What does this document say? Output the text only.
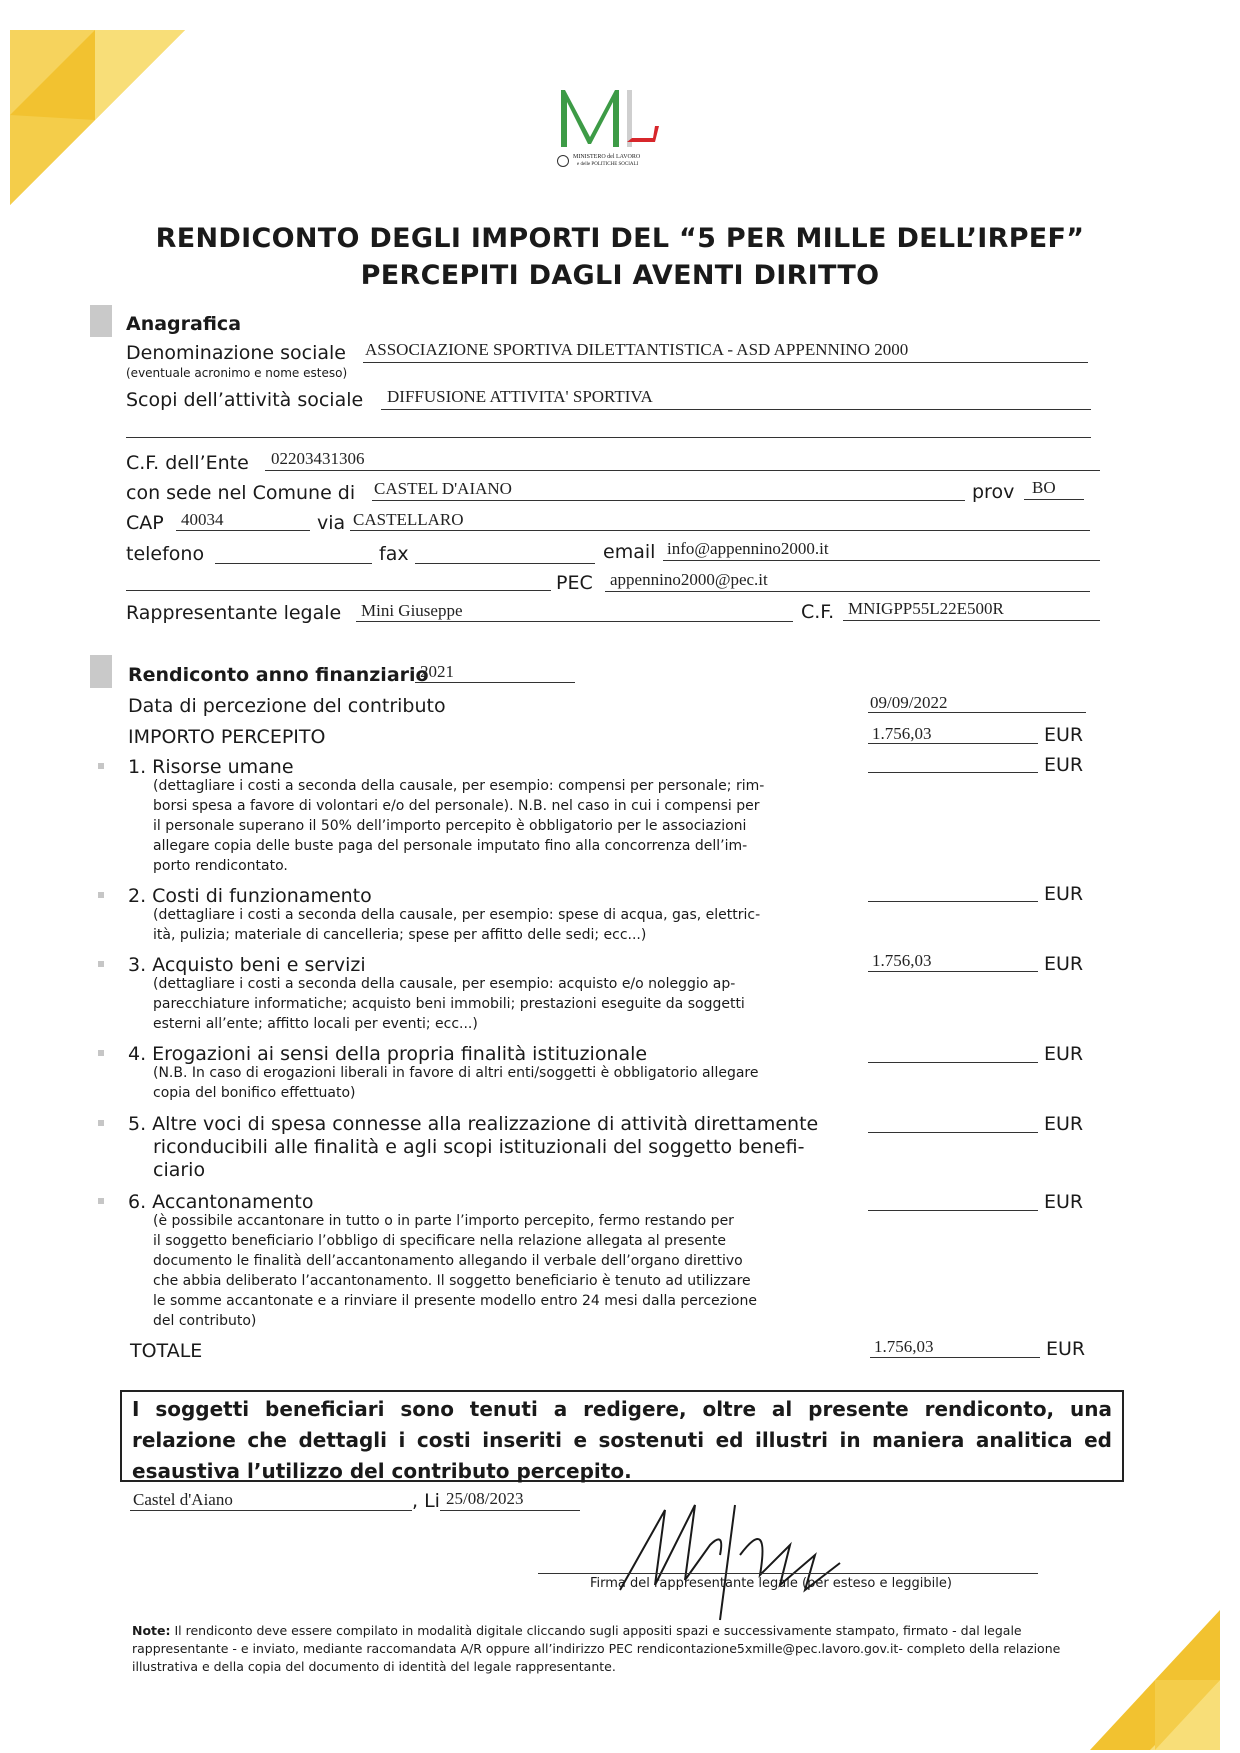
MINISTERO del LAVORO
e delle POLITICHE SOCIALI
RENDICONTO DEGLI IMPORTI DEL “5 PER MILLE DELL’IRPEF”
PERCEPITI DAGLI AVENTI DIRITTO
Anagrafica
Denominazione sociale ASSOCIAZIONE SPORTIVA DILETTANTISTICA - ASD APPENNINO 2000
(eventuale acronimo e nome esteso)
Scopi dell’attività sociale DIFFUSIONE ATTIVITA' SPORTIVA
C.F. dell’Ente 02203431306
con sede nel Comune di CASTEL D'AIANO	prov BO
CAP 40034	via CASTELLARO
telefono	fax	email info@appennino2000.it
PEC appennino2000@pec.it
Rappresentante legale Mini Giuseppe	C.F. MNIGPP55L22E500R
Rendiconto anno finanziario
2021
Data di percezione del contributo	09/09/2022
IMPORTO PERCEPITO	1.756,03	EUR
1. Risorse umane
(dettagliare i costi a seconda della causale, per esempio: compensi per personale; rim-
borsi spesa a favore di volontari e/o del personale). N.B. nel caso in cui i compensi per
il personale superano il 50% dell’importo percepito è obbligatorio per le associazioni
allegare copia delle buste paga del personale imputato fino alla concorrenza dell’im-
porto rendicontato.
EUR
2. Costi di funzionamento
(dettagliare i costi a seconda della causale, per esempio: spese di acqua, gas, elettric-
ità, pulizia; materiale di cancelleria; spese per affitto delle sedi; ecc...)
EUR
3. Acquisto beni e servizi
(dettagliare i costi a seconda della causale, per esempio: acquisto e/o noleggio ap-
parecchiature informatiche; acquisto beni immobili; prestazioni eseguite da soggetti
esterni all’ente; affitto locali per eventi; ecc...)
1.756,03	EUR
4. Erogazioni ai sensi della propria finalità istituzionale
(N.B. In caso di erogazioni liberali in favore di altri enti/soggetti è obbligatorio allegare
copia del bonifico effettuato)
EUR
5. Altre voci di spesa connesse alla realizzazione di attività direttamente
riconducibili alle finalità e agli scopi istituzionali del soggetto benefi-
ciario
EUR
6. Accantonamento
(è possibile accantonare in tutto o in parte l’importo percepito, fermo restando per
il soggetto beneficiario l’obbligo di specificare nella relazione allegata al presente
documento le finalità dell’accantonamento allegando il verbale dell’organo direttivo
che abbia deliberato l’accantonamento. Il soggetto beneficiario è tenuto ad utilizzare
le somme accantonate e a rinviare il presente modello entro 24 mesi dalla percezione
del contributo)
EUR
TOTALE	1.756,03	EUR
I soggetti beneficiari sono tenuti a redigere, oltre al presente rendiconto, una relazione che dettagli i costi inseriti e sostenuti ed illustri in maniera analitica ed esaustiva l’utilizzo del contributo percepito.
Castel d'Aiano	, Li 25/08/2023
Firma del rappresentante legale (per esteso e leggibile)
Note: Il rendiconto deve essere compilato in modalità digitale cliccando sugli appositi spazi e successivamente stampato, firmato - dal legale rappresentante - e inviato, mediante raccomandata A/R oppure all’indirizzo PEC rendicontazione5xmille@pec.lavoro.gov.it- completo della relazione illustrativa e della copia del documento di identità del legale rappresentante.
